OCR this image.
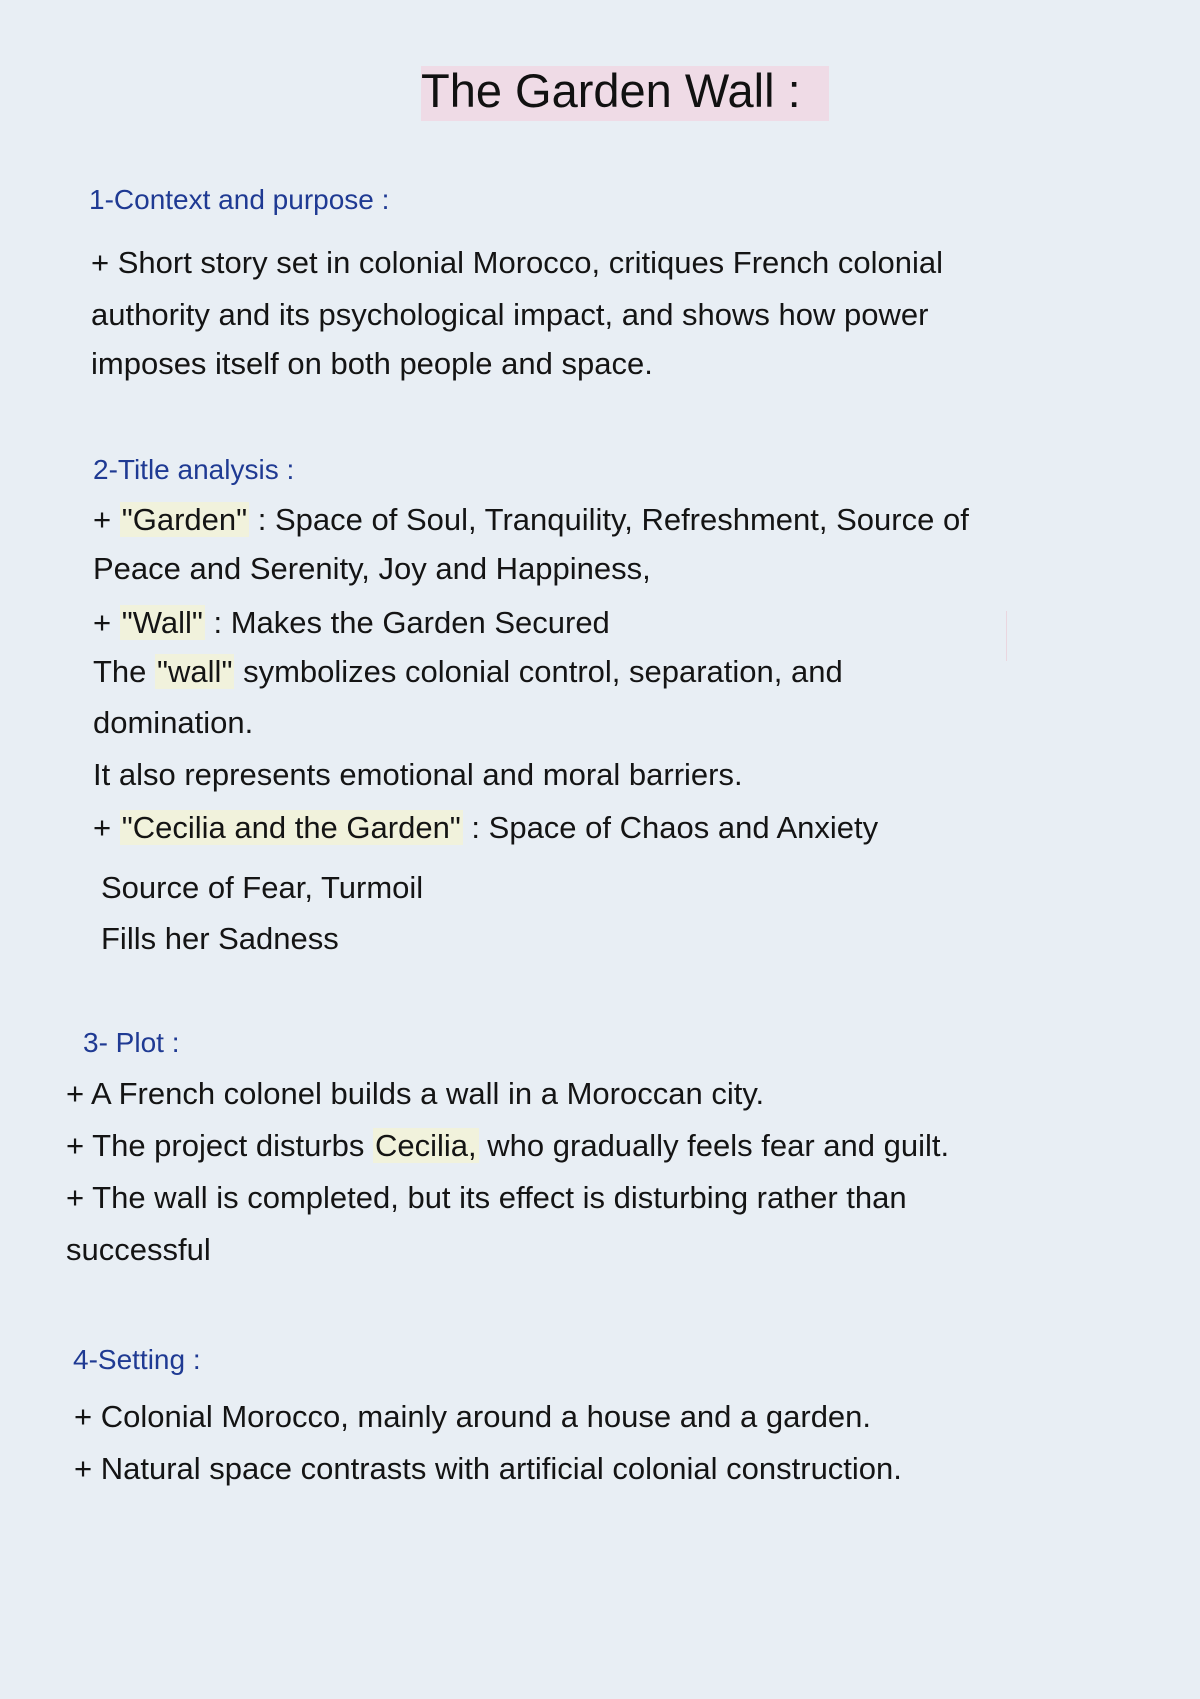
The Garden Wall :
1-Context and purpose :
+ Short story set in colonial Morocco, critiques French colonial
authority and its psychological impact, and shows how power
imposes itself on both people and space.
2-Title analysis :
+ "Garden" : Space of Soul, Tranquility, Refreshment, Source of
Peace and Serenity, Joy and Happiness,
+ "Wall" : Makes the Garden Secured
The "wall" symbolizes colonial control, separation, and
domination.
It also represents emotional and moral barriers.
+ "Cecilia and the Garden" : Space of Chaos and Anxiety
Source of Fear, Turmoil
Fills her Sadness
3- Plot :
+ A French colonel builds a wall in a Moroccan city.
+ The project disturbs Cecilia, who gradually feels fear and guilt.
+ The wall is completed, but its effect is disturbing rather than
successful
4-Setting :
+ Colonial Morocco, mainly around a house and a garden.
+ Natural space contrasts with artificial colonial construction.
